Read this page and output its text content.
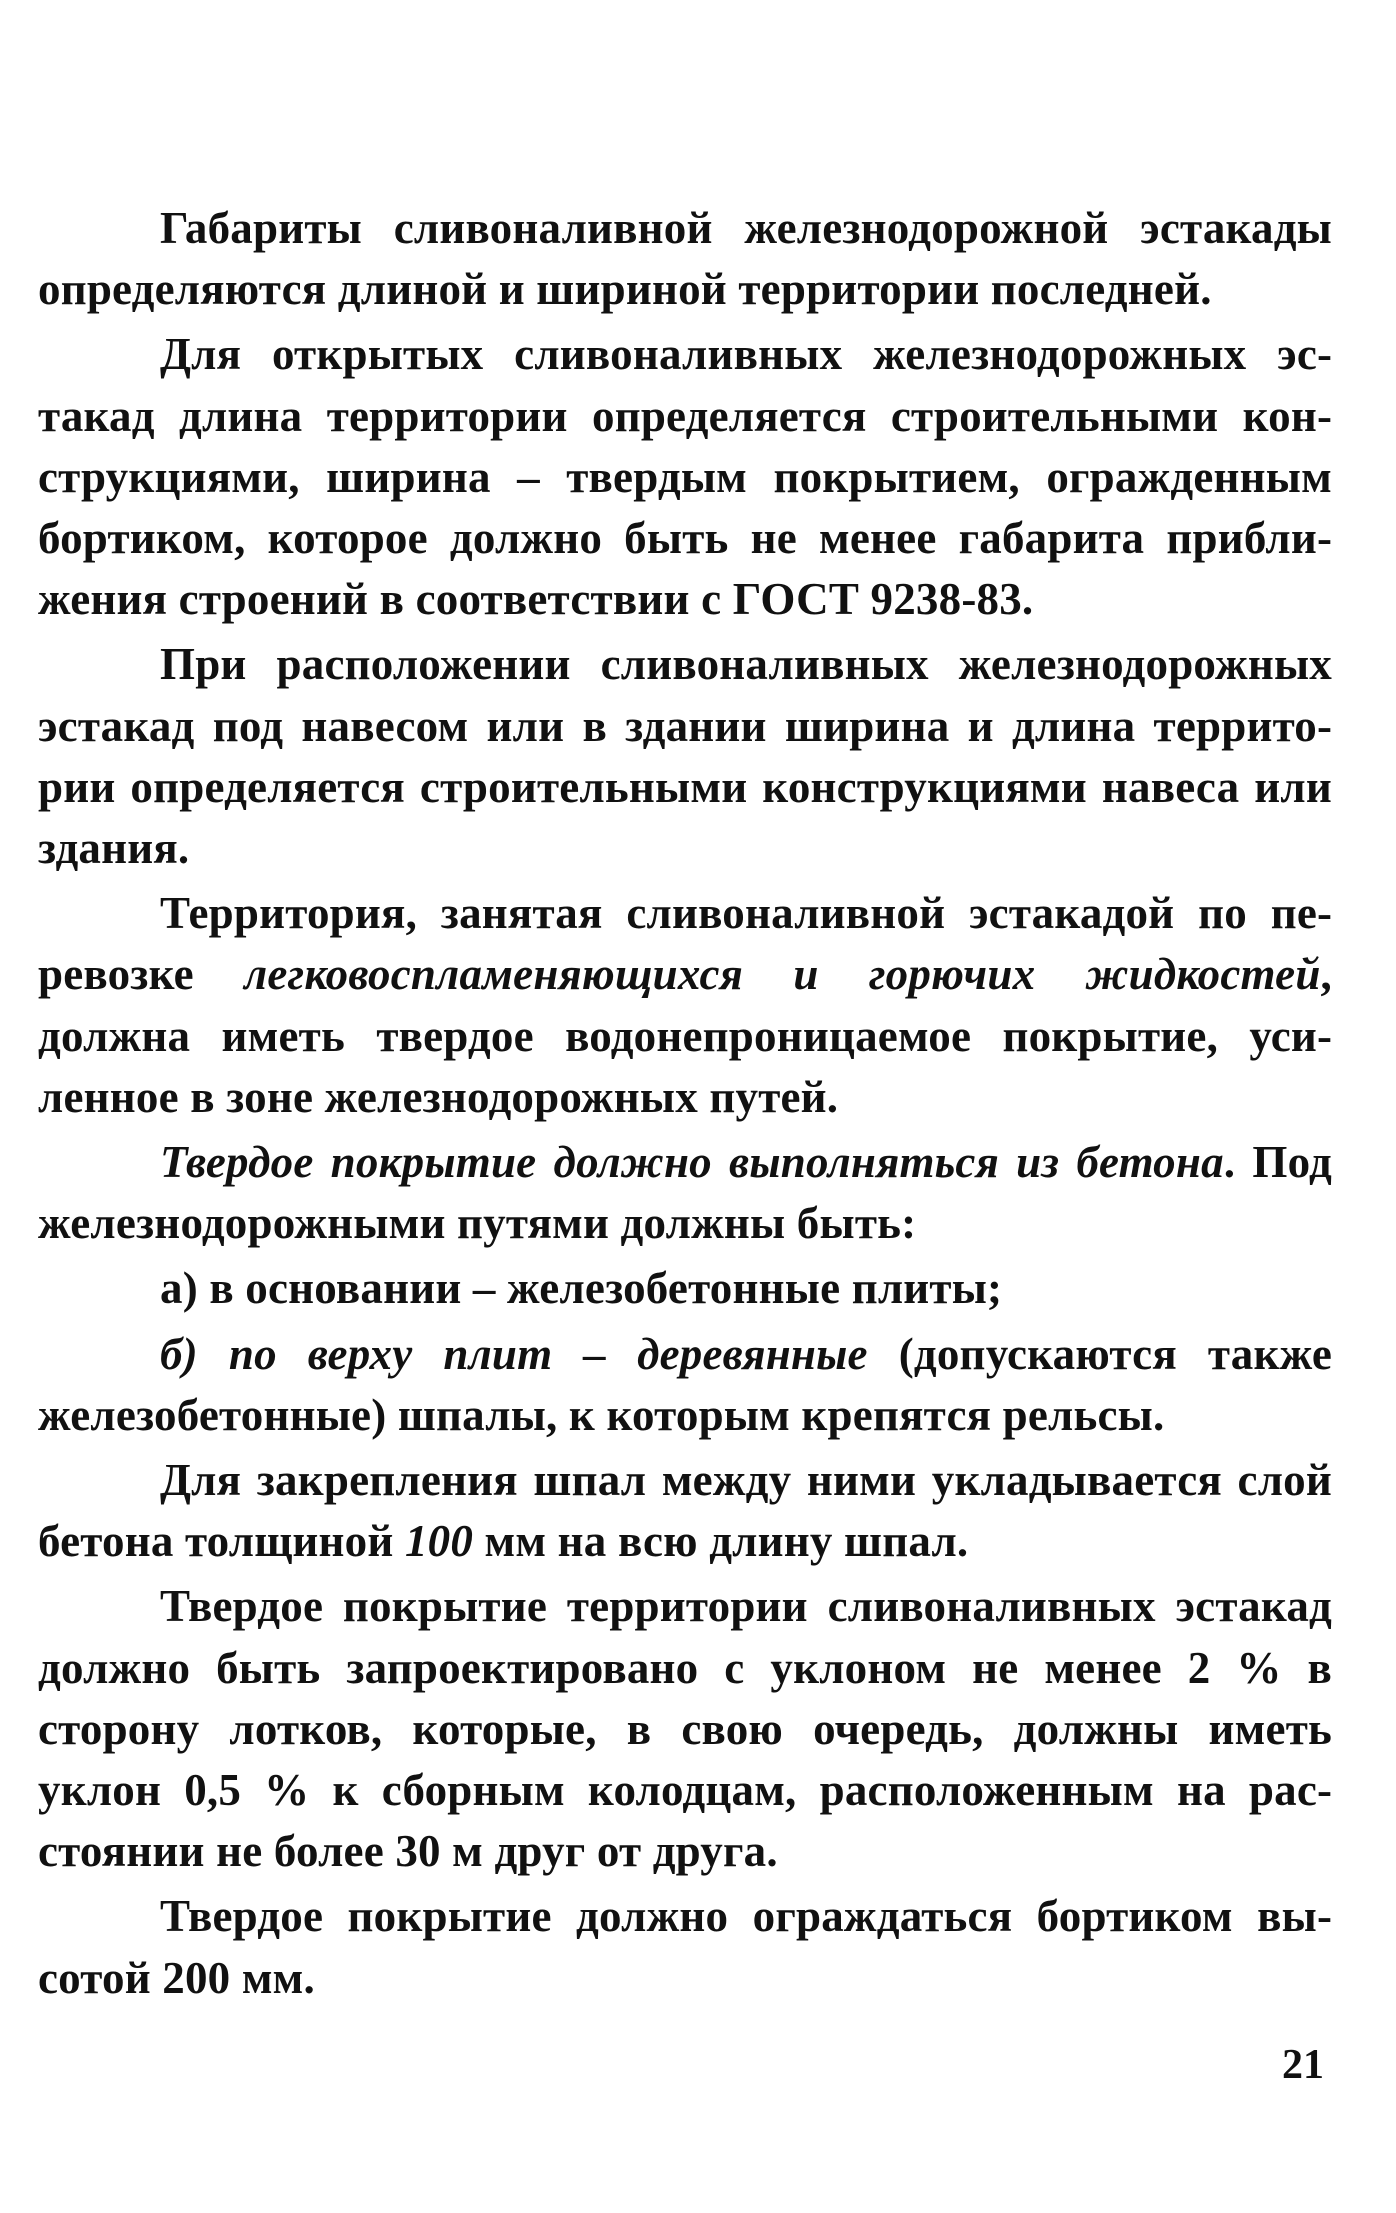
Габариты сливоналивной железнодорожной эстакады определяются длиной и шириной территории последней.

Для открытых сливоналивных железнодорожных эстакад длина территории определяется строительными конструкциями, ширина – твердым покрытием, огражденным бортиком, которое должно быть не менее габарита приближения строений в соответствии с ГОСТ 9238-83.

При расположении сливоналивных железнодорожных эстакад под навесом или в здании ширина и длина территории определяется строительными конструкциями навеса или здания.

Территория, занятая сливоналивной эстакадой по перевозке легковоспламеняющихся и горючих жидкостей, должна иметь твердое водонепроницаемое покрытие, усиленное в зоне железнодорожных путей.

Твердое покрытие должно выполняться из бетона. Под железнодорожными путями должны быть:

а) в основании – железобетонные плиты;

б) по верху плит – деревянные (допускаются также железобетонные) шпалы, к которым крепятся рельсы.

Для закрепления шпал между ними укладывается слой бетона толщиной 100 мм на всю длину шпал.

Твердое покрытие территории сливоналивных эстакад должно быть запроектировано с уклоном не менее 2 % в сторону лотков, которые, в свою очередь, должны иметь уклон 0,5 % к сборным колодцам, расположенным на расстоянии не более 30 м друг от друга.

Твердое покрытие должно ограждаться бортиком высотой 200 мм.

21
